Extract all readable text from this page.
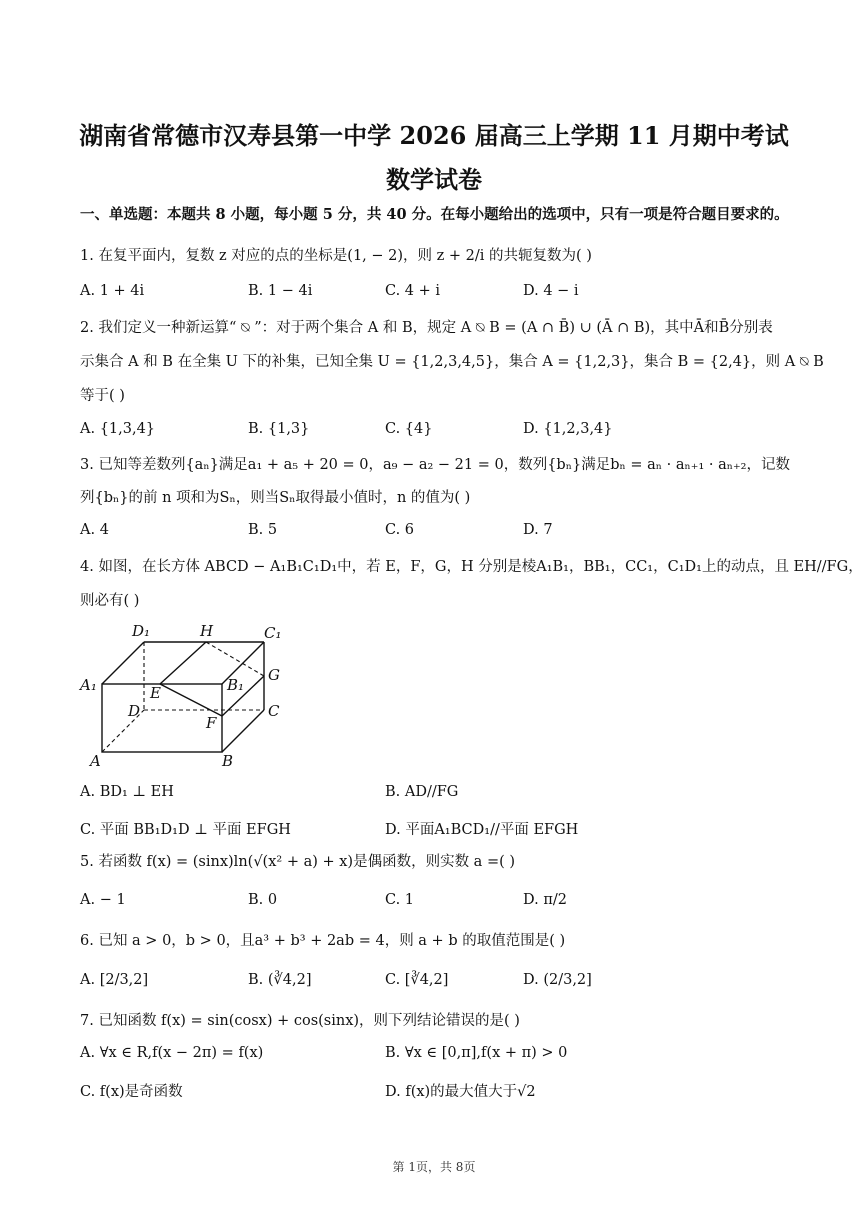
湖南省常德市汉寿县第一中学 2026 届高三上学期 11 月期中考试
数学试卷
一、单选题：本题共 8 小题，每小题 5 分，共 40 分。在每小题给出的选项中，只有一项是符合题目要求的。
1. 在复平面内，复数 z 对应的点的坐标是(1, − 2)，则 z + 2/i 的共轭复数为( )
A. 1 + 4i	B. 1 − 4i	C. 4 + i	D. 4 − i
2. 我们定义一种新运算“ ⍉ ”：对于两个集合 A 和 B，规定 A ⍉ B = (A ∩ B̄) ∪ (Ā ∩ B)，其中Ā和B̄分别表
示集合 A 和 B 在全集 U 下的补集，已知全集 U = {1,2,3,4,5}，集合 A = {1,2,3}，集合 B = {2,4}，则 A ⍉ B
等于( )
A. {1,3,4}	B. {1,3}	C. {4}	D. {1,2,3,4}
3. 已知等差数列{aₙ}满足a₁ + a₅ + 20 = 0，a₉ − a₂ − 21 = 0，数列{bₙ}满足bₙ = aₙ · aₙ₊₁ · aₙ₊₂，记数
列{bₙ}的前 n 项和为Sₙ，则当Sₙ取得最小值时，n 的值为( )
A. 4	B. 5	C. 6	D. 7
4. 如图，在长方体 ABCD − A₁B₁C₁D₁中，若 E，F，G，H 分别是棱A₁B₁，BB₁，CC₁，C₁D₁上的动点，且 EH//FG，
则必有( )
D₁	H	C₁
A₁	E	B₁
G
D	C
F
A	B
A. BD₁ ⊥ EH	B. AD//FG
C. 平面 BB₁D₁D ⊥ 平面 EFGH	D. 平面A₁BCD₁//平面 EFGH
5. 若函数 f(x) = (sinx)ln(√(x² + a) + x)是偶函数，则实数 a =( )
A. − 1	B. 0	C. 1	D. π/2
6. 已知 a > 0，b > 0，且a³ + b³ + 2ab = 4，则 a + b 的取值范围是( )
A. [2/3,2]	B. (∛4,2]	C. [∛4,2]	D. (2/3,2]
7. 已知函数 f(x) = sin(cosx) + cos(sinx)，则下列结论错误的是( )
A. ∀x ∈ R,f(x − 2π) = f(x)	B. ∀x ∈ [0,π],f(x + π) > 0
C. f(x)是奇函数	D. f(x)的最大值大于√2
第 1页，共 8页
